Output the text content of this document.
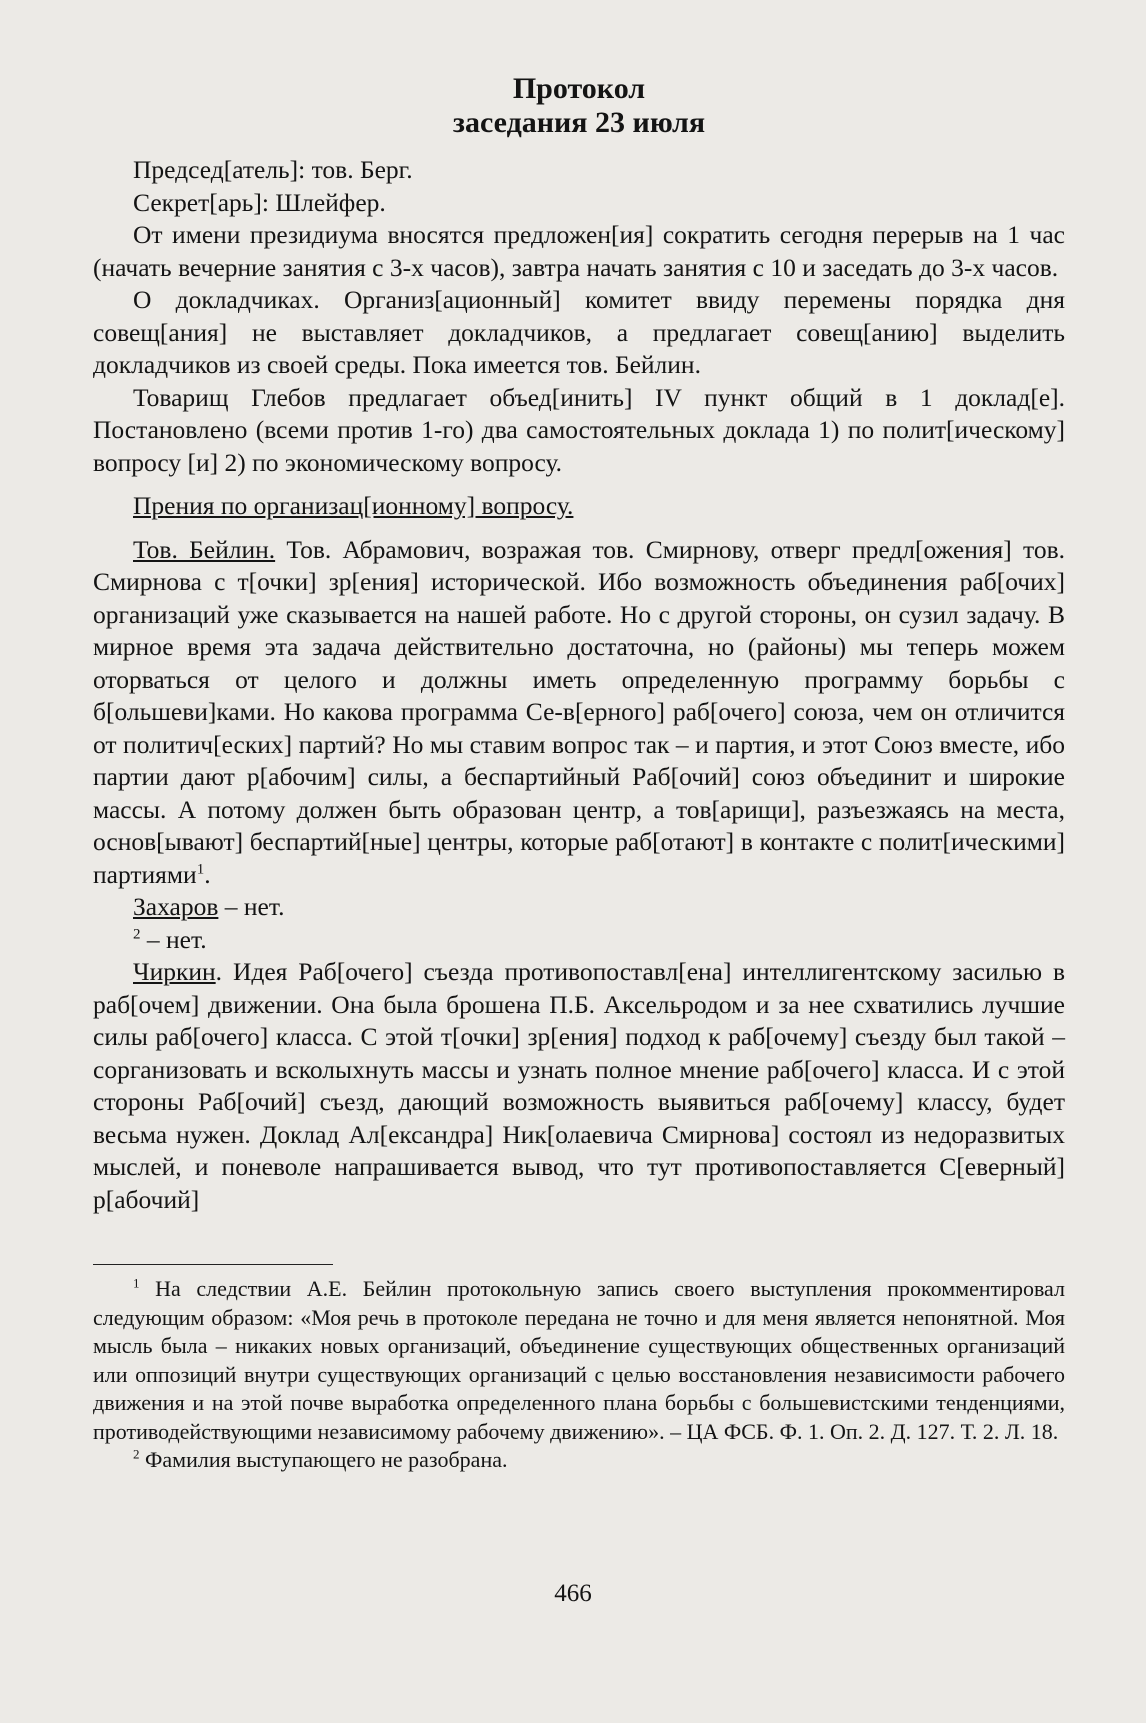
Протокол
заседания 23 июля

Председ[атель]: тов. Берг.

Секрет[арь]: Шлейфер.

От имени президиума вносятся предложен[ия] сократить сегодня перерыв на 1 час (начать вечерние занятия с 3-х часов), завтра начать занятия с 10 и заседать до 3-х часов.

О докладчиках. Организ[ационный] комитет ввиду перемены порядка дня совещ[ания] не выставляет докладчиков, а предлагает совещ[анию] выделить докладчиков из своей среды. Пока имеется тов. Бейлин.

Товарищ Глебов предлагает объед[инить] IV пункт общий в 1 доклад[е]. Постановлено (всеми против 1-го) два самостоятельных доклада 1) по полит[ическому] вопросу [и] 2) по экономическому вопросу.

Прения по организац[ионному] вопросу.

Тов. Бейлин. Тов. Абрамович, возражая тов. Смирнову, отверг предл[ожения] тов. Смирнова с т[очки] зр[ения] исторической. Ибо возможность объединения раб[очих] организаций уже сказывается на нашей работе. Но с другой стороны, он сузил задачу. В мирное время эта задача действительно достаточна, но (районы) мы теперь можем оторваться от целого и должны иметь определенную программу борьбы с б[ольшеви]ками. Но какова программа Се-в[ерного] раб[очего] союза, чем он отличится от политич[еских] партий? Но мы ставим вопрос так – и партия, и этот Союз вместе, ибо партии дают р[абочим] силы, а беспартийный Раб[очий] союз объединит и широкие массы. А потому должен быть образован центр, а тов[арищи], разъезжаясь на места, основ[ывают] беспартий[ные] центры, которые раб[отают] в контакте с полит[ическими] партиями$^1$.

Захаров – нет.

$^2$ – нет.

Чиркин. Идея Раб[очего] съезда противопоставл[ена] интеллигентскому засилью в раб[очем] движении. Она была брошена П.Б. Аксельродом и за нее схватились лучшие силы раб[очего] класса. С этой т[очки] зр[ения] подход к раб[очему] съезду был такой – сорганизовать и всколыхнуть массы и узнать полное мнение раб[очего] класса. И с этой стороны Раб[очий] съезд, дающий возможность выявиться раб[очему] классу, будет весьма нужен. Доклад Ал[ександра] Ник[олаевича Смирнова] состоял из недоразвитых мыслей, и поневоле напрашивается вывод, что тут противопоставляется С[еверный] р[абочий]

$^1$ На следствии А.Е. Бейлин протокольную запись своего выступления прокомментировал следующим образом: «Моя речь в протоколе передана не точно и для меня является непонятной. Моя мысль была – никаких новых организаций, объединение существующих общественных организаций или оппозиций внутри существующих организаций с целью восстановления независимости рабочего движения и на этой почве выработка определенного плана борьбы с большевистскими тенденциями, противодействующими независимому рабочему движению». – ЦА ФСБ. Ф. 1. Оп. 2. Д. 127. Т. 2. Л. 18.

$^2$ Фамилия выступающего не разобрана.

466
